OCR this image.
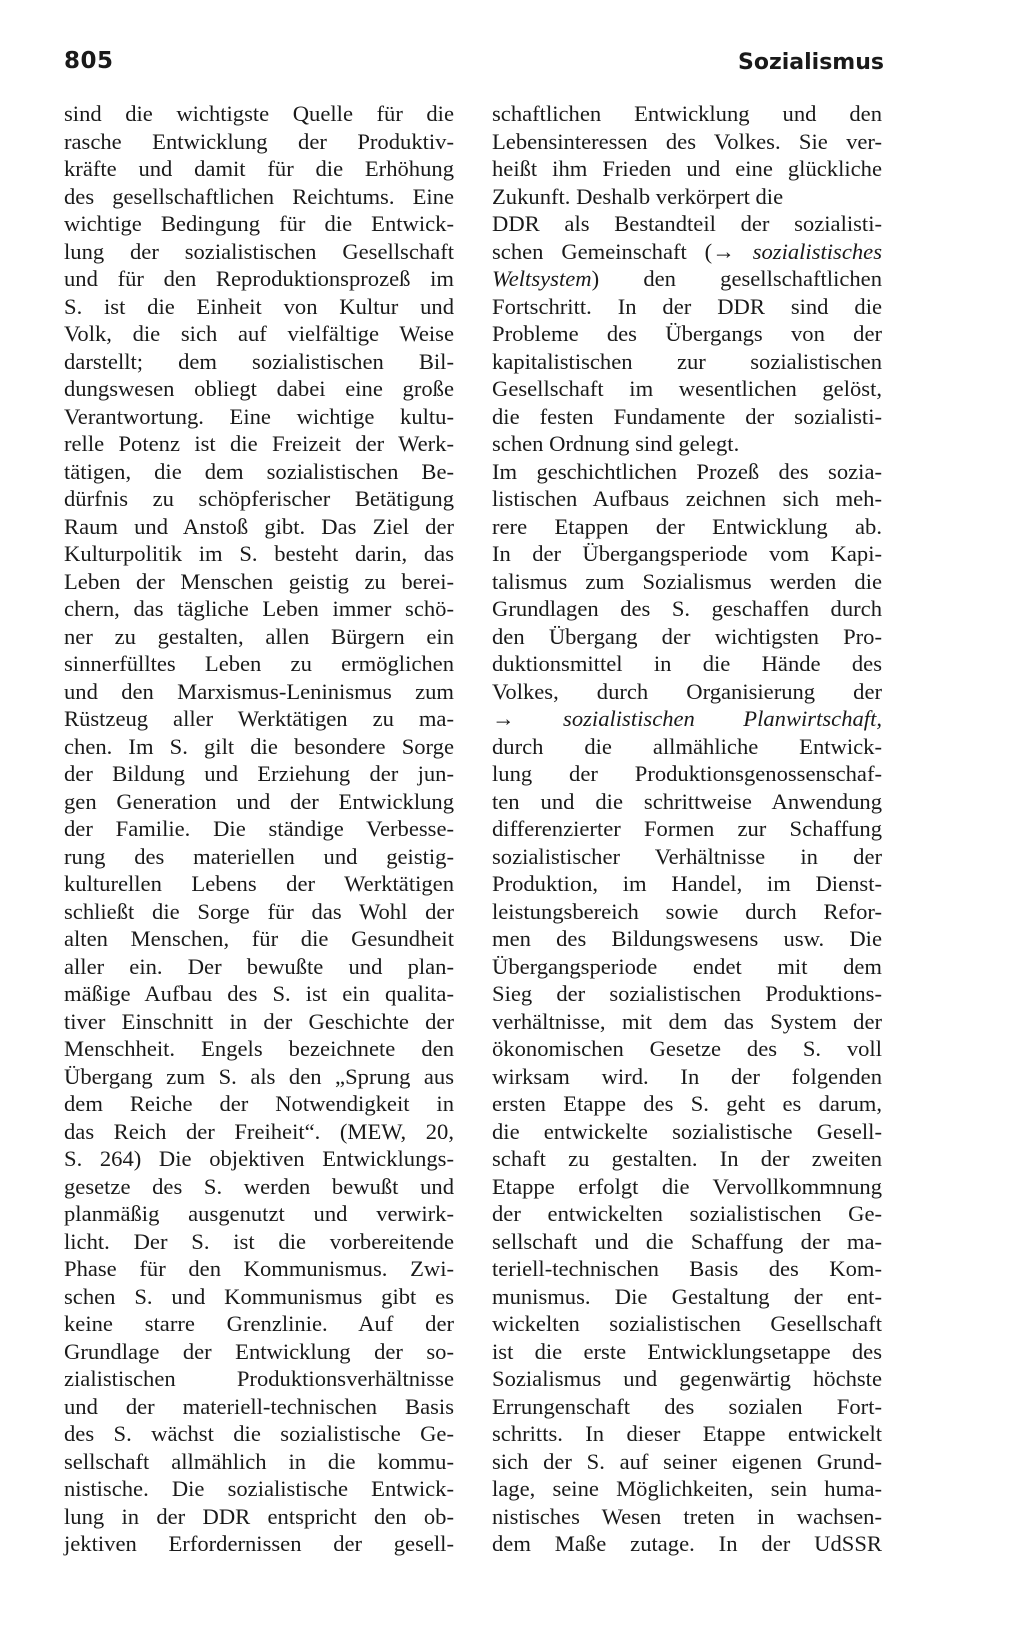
805	Sozialismus
sind die wichtigste Quelle für die
rasche Entwicklung der Produktiv-
kräfte und damit für die Erhöhung
des gesellschaftlichen Reichtums. Eine
wichtige Bedingung für die Entwick-
lung der sozialistischen Gesellschaft
und für den Reproduktionsprozeß im
S. ist die Einheit von Kultur und
Volk, die sich auf vielfältige Weise
darstellt; dem sozialistischen Bil-
dungswesen obliegt dabei eine große
Verantwortung. Eine wichtige kultu-
relle Potenz ist die Freizeit der Werk-
tätigen, die dem sozialistischen Be-
dürfnis zu schöpferischer Betätigung
Raum und Anstoß gibt. Das Ziel der
Kulturpolitik im S. besteht darin, das
Leben der Menschen geistig zu berei-
chern, das tägliche Leben immer schö-
ner zu gestalten, allen Bürgern ein
sinnerfülltes Leben zu ermöglichen
und den Marxismus-Leninismus zum
Rüstzeug aller Werktätigen zu ma-
chen. Im S. gilt die besondere Sorge
der Bildung und Erziehung der jun-
gen Generation und der Entwicklung
der Familie. Die ständige Verbesse-
rung des materiellen und geistig-
kulturellen Lebens der Werktätigen
schließt die Sorge für das Wohl der
alten Menschen, für die Gesundheit
aller ein. Der bewußte und plan-
mäßige Aufbau des S. ist ein qualita-
tiver Einschnitt in der Geschichte der
Menschheit. Engels bezeichnete den
Übergang zum S. als den „Sprung aus
dem Reiche der Notwendigkeit in
das Reich der Freiheit“. (MEW, 20,
S. 264) Die objektiven Entwicklungs-
gesetze des S. werden bewußt und
planmäßig ausgenutzt und verwirk-
licht. Der S. ist die vorbereitende
Phase für den Kommunismus. Zwi-
schen S. und Kommunismus gibt es
keine starre Grenzlinie. Auf der
Grundlage der Entwicklung der so-
zialistischen Produktionsverhältnisse
und der materiell-technischen Basis
des S. wächst die sozialistische Ge-
sellschaft allmählich in die kommu-
nistische. Die sozialistische Entwick-
lung in der DDR entspricht den ob-
jektiven Erfordernissen der gesell-
schaftlichen Entwicklung und den
Lebensinteressen des Volkes. Sie ver-
heißt ihm Frieden und eine glückliche
Zukunft. Deshalb verkörpert die
DDR als Bestandteil der sozialisti-
schen Gemeinschaft (→ sozialistisches
Weltsystem) den gesellschaftlichen
Fortschritt. In der DDR sind die
Probleme des Übergangs von der
kapitalistischen zur sozialistischen
Gesellschaft im wesentlichen gelöst,
die festen Fundamente der sozialisti-
schen Ordnung sind gelegt.
Im geschichtlichen Prozeß des sozia-
listischen Aufbaus zeichnen sich meh-
rere Etappen der Entwicklung ab.
In der Übergangsperiode vom Kapi-
talismus zum Sozialismus werden die
Grundlagen des S. geschaffen durch
den Übergang der wichtigsten Pro-
duktionsmittel in die Hände des
Volkes, durch Organisierung der
→ sozialistischen Planwirtschaft,
durch die allmähliche Entwick-
lung der Produktionsgenossenschaf-
ten und die schrittweise Anwendung
differenzierter Formen zur Schaffung
sozialistischer Verhältnisse in der
Produktion, im Handel, im Dienst-
leistungsbereich sowie durch Refor-
men des Bildungswesens usw. Die
Übergangsperiode endet mit dem
Sieg der sozialistischen Produktions-
verhältnisse, mit dem das System der
ökonomischen Gesetze des S. voll
wirksam wird. In der folgenden
ersten Etappe des S. geht es darum,
die entwickelte sozialistische Gesell-
schaft zu gestalten. In der zweiten
Etappe erfolgt die Vervollkommnung
der entwickelten sozialistischen Ge-
sellschaft und die Schaffung der ma-
teriell-technischen Basis des Kom-
munismus. Die Gestaltung der ent-
wickelten sozialistischen Gesellschaft
ist die erste Entwicklungsetappe des
Sozialismus und gegenwärtig höchste
Errungenschaft des sozialen Fort-
schritts. In dieser Etappe entwickelt
sich der S. auf seiner eigenen Grund-
lage, seine Möglichkeiten, sein huma-
nistisches Wesen treten in wachsen-
dem Maße zutage. In der UdSSR
